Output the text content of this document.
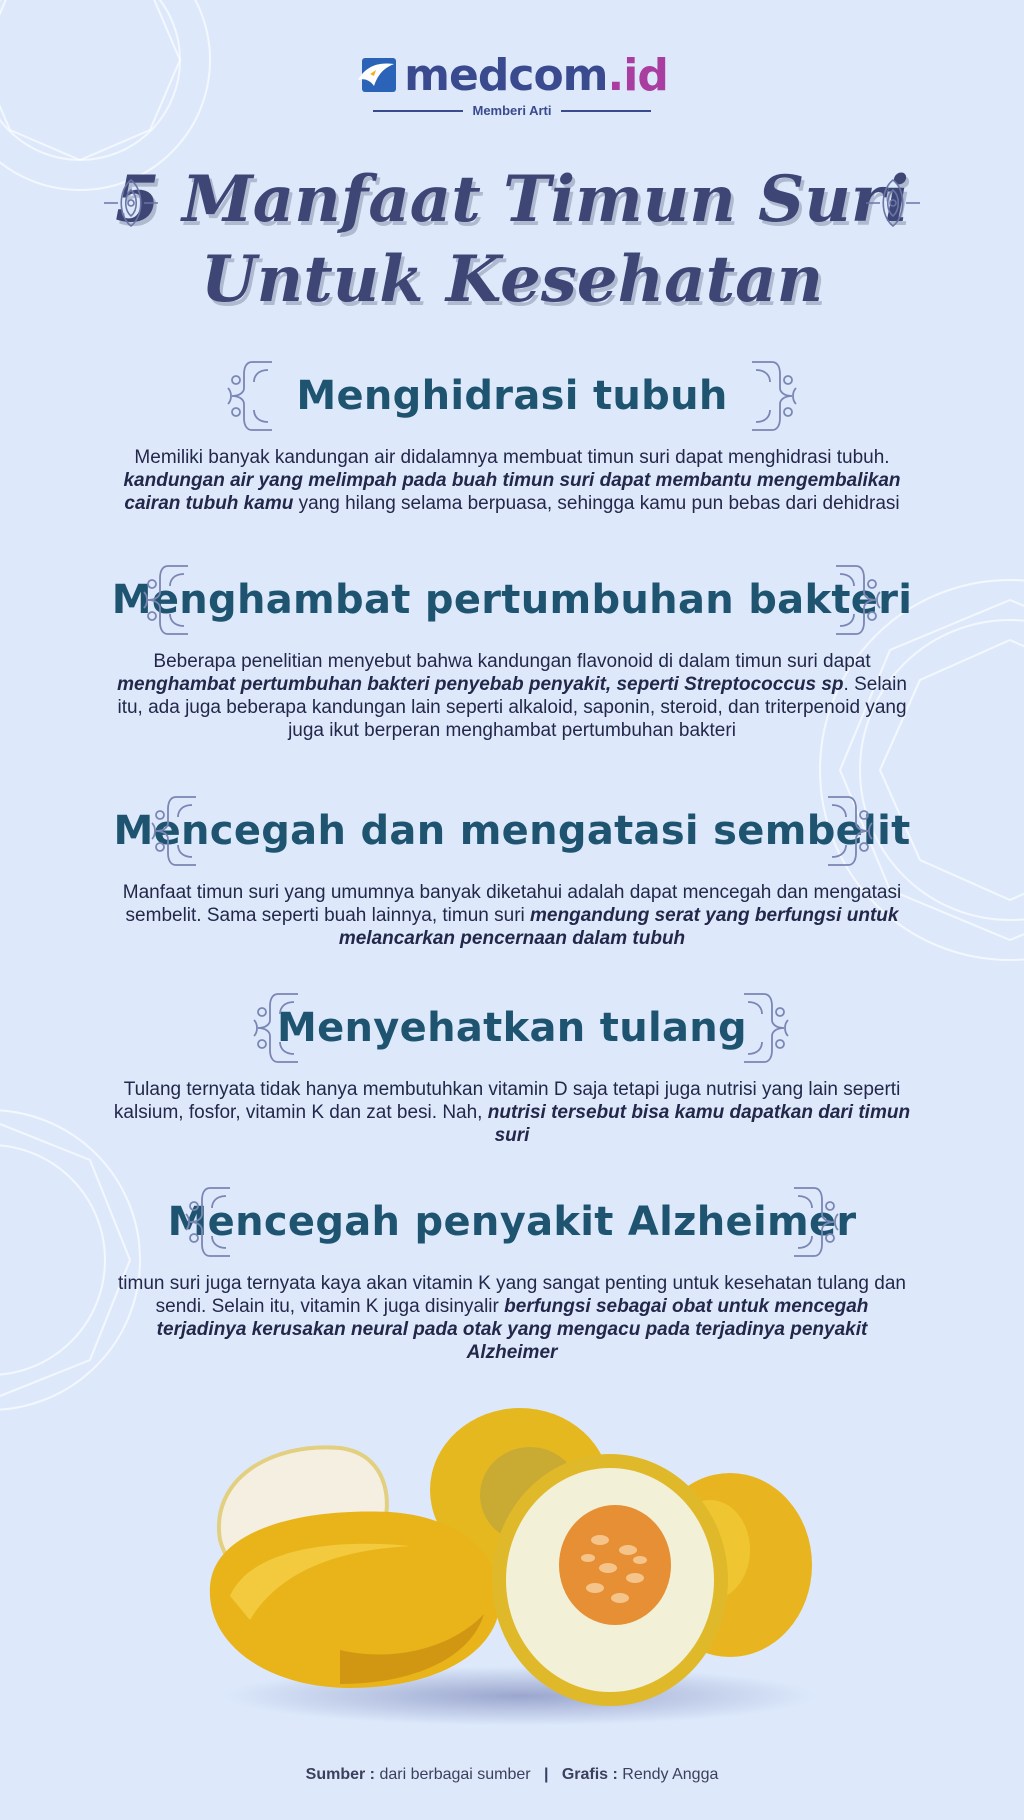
medcom.id
Memberi Arti
5 Manfaat Timun Suri
Untuk Kesehatan
Menghidrasi tubuh
Memiliki banyak kandungan air didalamnya membuat timun suri dapat menghidrasi tubuh. kandungan air yang melimpah pada buah timun suri dapat membantu mengembalikan cairan tubuh kamu yang hilang selama berpuasa, sehingga kamu pun bebas dari dehidrasi
Menghambat pertumbuhan bakteri
Beberapa penelitian menyebut bahwa kandungan flavonoid di dalam timun suri dapat menghambat pertumbuhan bakteri penyebab penyakit, seperti Streptococcus sp. Selain itu, ada juga beberapa kandungan lain seperti alkaloid, saponin, steroid, dan triterpenoid yang juga ikut berperan menghambat pertumbuhan bakteri
Mencegah dan mengatasi sembelit
Manfaat timun suri yang umumnya banyak diketahui adalah dapat mencegah dan mengatasi sembelit. Sama seperti buah lainnya, timun suri mengandung serat yang berfungsi untuk melancarkan pencernaan dalam tubuh
Menyehatkan tulang
Tulang ternyata tidak hanya membutuhkan vitamin D saja tetapi juga nutrisi yang lain seperti kalsium, fosfor, vitamin K dan zat besi. Nah, nutrisi tersebut bisa kamu dapatkan dari timun suri
Mencegah penyakit Alzheimer
timun suri juga ternyata kaya akan vitamin K yang sangat penting untuk kesehatan tulang dan sendi. Selain itu, vitamin K juga disinyalir berfungsi sebagai obat untuk mencegah terjadinya kerusakan neural pada otak yang mengacu pada terjadinya penyakit Alzheimer
Sumber : dari berbagai sumber | Grafis : Rendy Angga
